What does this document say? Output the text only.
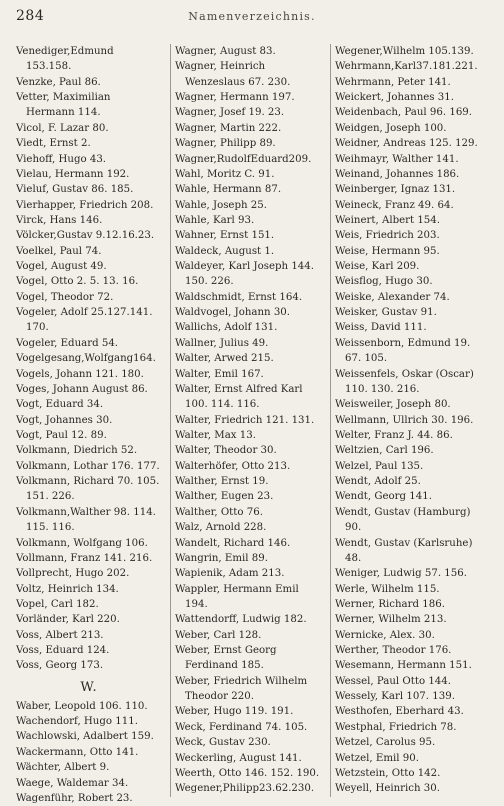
284	Namenverzeichnis.
Venediger,Edmund 153.158.
Venzke, Paul 86.
Vetter, Maximilian Hermann 114.
Vicol, F. Lazar 80.
Viedt, Ernst 2.
Viehoff, Hugo 43.
Vielau, Hermann 192.
Vieluf, Gustav 86. 185.
Vierhapper, Friedrich 208.
Virck, Hans 146.
Völcker,Gustav 9.12.16.23.
Voelkel, Paul 74.
Vogel, August 49.
Vogel, Otto 2. 5. 13. 16.
Vogel, Theodor 72.
Vogeler, Adolf 25.127.141. 170.
Vogeler, Eduard 54.
Vogelgesang,Wolfgang164.
Vogels, Johann 121. 180.
Voges, Johann August 86.
Vogt, Eduard 34.
Vogt, Johannes 30.
Vogt, Paul 12. 89.
Volkmann, Diedrich 52.
Volkmann, Lothar 176. 177.
Volkmann, Richard 70. 105. 151. 226.
Volkmann,Walther 98. 114. 115. 116.
Volkmann, Wolfgang 106.
Vollmann, Franz 141. 216.
Vollprecht, Hugo 202.
Voltz, Heinrich 134.
Vopel, Carl 182.
Vorländer, Karl 220.
Voss, Albert 213.
Voss, Eduard 124.
Voss, Georg 173.
W.
Waber, Leopold 106. 110.
Wachendorf, Hugo 111.
Wachlowski, Adalbert 159.
Wackermann, Otto 141.
Wächter, Albert 9.
Waege, Waldemar 34.
Wagenführ, Robert 23.
Wagner, August 83.
Wagner, Heinrich Wenzeslaus 67. 230.
Wagner, Hermann 197.
Wagner, Josef 19. 23.
Wagner, Martin 222.
Wagner, Philipp 89.
Wagner,RudolfEduard209.
Wahl, Moritz C. 91.
Wahle, Hermann 87.
Wahle, Joseph 25.
Wahle, Karl 93.
Wahner, Ernst 151.
Waldeck, August 1.
Waldeyer, Karl Joseph 144. 150. 226.
Waldschmidt, Ernst 164.
Waldvogel, Johann 30.
Wallichs, Adolf 131.
Wallner, Julius 49.
Walter, Arwed 215.
Walter, Emil 167.
Walter, Ernst Alfred Karl 100. 114. 116.
Walter, Friedrich 121. 131.
Walter, Max 13.
Walter, Theodor 30.
Walterhöfer, Otto 213.
Walther, Ernst 19.
Walther, Eugen 23.
Walther, Otto 76.
Walz, Arnold 228.
Wandelt, Richard 146.
Wangrin, Emil 89.
Wapienik, Adam 213.
Wappler, Hermann Emil 194.
Wattendorff, Ludwig 182.
Weber, Carl 128.
Weber, Ernst Georg Ferdinand 185.
Weber, Friedrich Wilhelm Theodor 220.
Weber, Hugo 119. 191.
Weck, Ferdinand 74. 105.
Weck, Gustav 230.
Weckerling, August 141.
Weerth, Otto 146. 152. 190.
Wegener,Philipp23.62.230.
Wegener,Wilhelm 105.139.
Wehrmann,Karl37.181.221.
Wehrmann, Peter 141.
Weickert, Johannes 31.
Weidenbach, Paul 96. 169.
Weidgen, Joseph 100.
Weidner, Andreas 125. 129.
Weihmayr, Walther 141.
Weinand, Johannes 186.
Weinberger, Ignaz 131.
Weineck, Franz 49. 64.
Weinert, Albert 154.
Weis, Friedrich 203.
Weise, Hermann 95.
Weise, Karl 209.
Weisflog, Hugo 30.
Weiske, Alexander 74.
Weisker, Gustav 91.
Weiss, David 111.
Weissenborn, Edmund 19. 67. 105.
Weissenfels, Oskar (Oscar) 110. 130. 216.
Weisweiler, Joseph 80.
Wellmann, Ullrich 30. 196.
Welter, Franz J. 44. 86.
Weltzien, Carl 196.
Welzel, Paul 135.
Wendt, Adolf 25.
Wendt, Georg 141.
Wendt, Gustav (Hamburg) 90.
Wendt, Gustav (Karlsruhe) 48.
Weniger, Ludwig 57. 156.
Werle, Wilhelm 115.
Werner, Richard 186.
Werner, Wilhelm 213.
Wernicke, Alex. 30.
Werther, Theodor 176.
Wesemann, Hermann 151.
Wessel, Paul Otto 144.
Wessely, Karl 107. 139.
Westhofen, Eberhard 43.
Westphal, Friedrich 78.
Wetzel, Carolus 95.
Wetzel, Emil 90.
Wetzstein, Otto 142.
Weyell, Heinrich 30.
